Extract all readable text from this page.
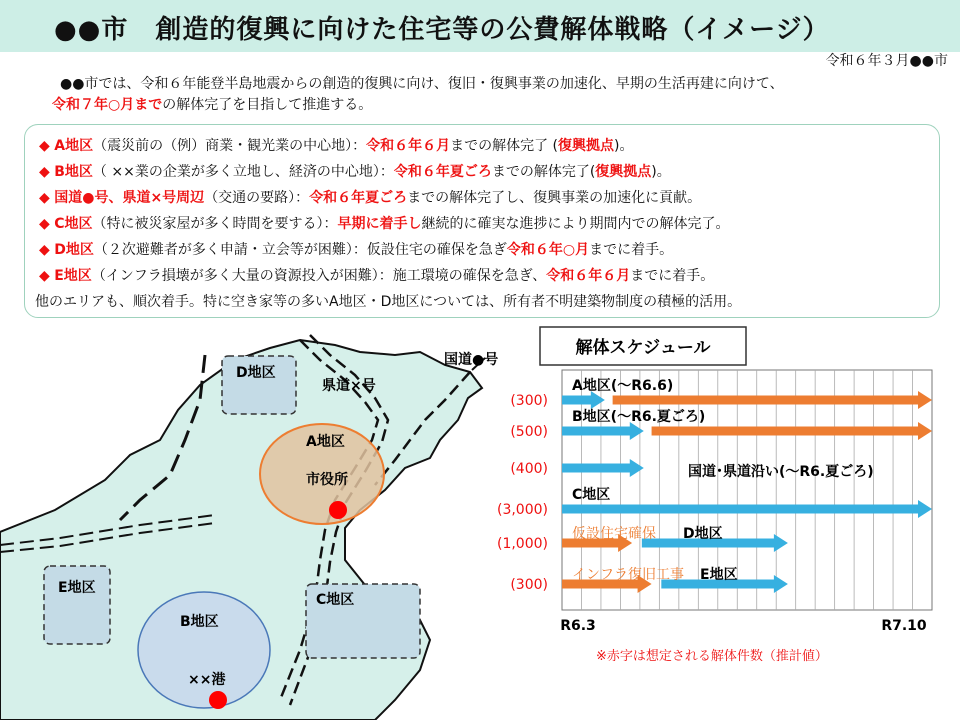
●●市　創造的復興に向けた住宅等の公費解体戦略（イメージ）
令和６年３月●●市
●●市では、令和６年能登半島地震からの創造的復興に向け、復旧・復興事業の加速化、早期の生活再建に向けて、
令和７年○月までの解体完了を目指して推進する。
◆ A地区（震災前の（例）商業・観光業の中心地）：令和６年６月までの解体完了 (復興拠点)。
◆ B地区（ ××業の企業が多く立地し、経済の中心地）：令和６年夏ごろまでの解体完了(復興拠点)。
◆ 国道●号、県道×号周辺（交通の要路）：令和６年夏ごろまでの解体完了し、復興事業の加速化に貢献。
◆ C地区（特に被災家屋が多く時間を要する）：早期に着手し継続的に確実な進捗により期間内での解体完了。
◆ D地区（２次避難者が多く申請・立会等が困難）：仮設住宅の確保を急ぎ令和６年○月までに着手。
◆ E地区（インフラ損壊が多く大量の資源投入が困難）：施工環境の確保を急ぎ、令和６年６月までに着手。
他のエリアも、順次着手。特に空き家等の多いA地区・D地区については、所有者不明建築物制度の積極的活用。
国道●号
県道×号
D地区
A地区
市役所
E地区
C地区
B地区
××港
解体スケジュール
(300)
A地区(～R6.6)
(500)
B地区(～R6.夏ごろ)
(400)	国道･県道沿い(～R6.夏ごろ)
(3,000)
C地区
(1,000)
仮設住宅確保 D地区
(300)
インフラ復旧工事 E地区
R6.3	R7.10
※赤字は想定される解体件数（推計値）
